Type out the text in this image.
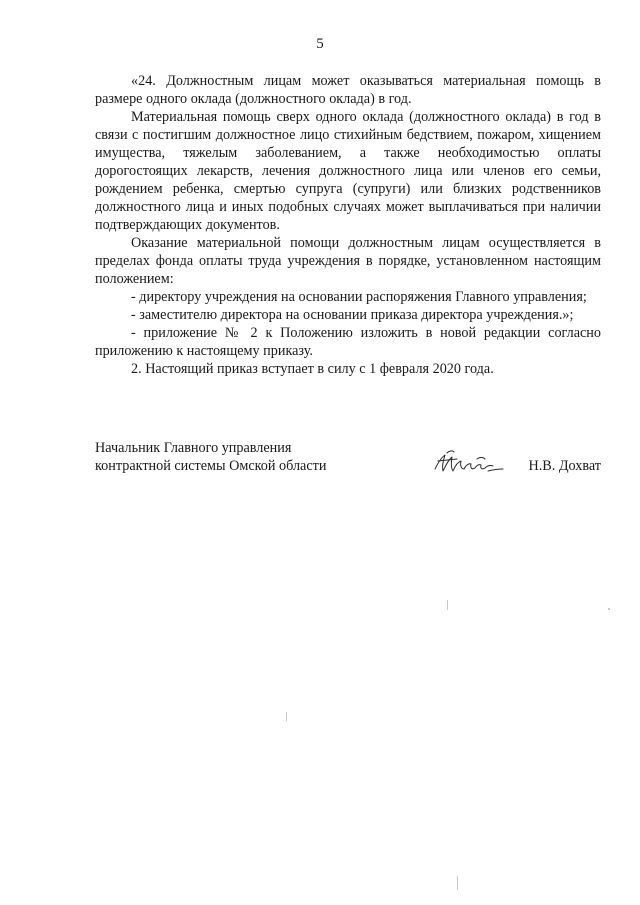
5

«24. Должностным лицам может оказываться материальная помощь в размере одного оклада (должностного оклада) в год.

Материальная помощь сверх одного оклада (должностного оклада) в год в связи с постигшим должностное лицо стихийным бедствием, пожаром, хищением имущества, тяжелым заболеванием, а также необходимостью оплаты дорогостоящих лекарств, лечения должностного лица или членов его семьи, рождением ребенка, смертью супруга (супруги) или близких родственников должностного лица и иных подобных случаях может выплачиваться при наличии подтверждающих документов.

Оказание материальной помощи должностным лицам осуществляется в пределах фонда оплаты труда учреждения в порядке, установленном настоящим положением:

- директору учреждения на основании распоряжения Главного управления;

- заместителю директора на основании приказа директора учреждения.»;

- приложение № 2 к Положению изложить в новой редакции согласно приложению к настоящему приказу.

2. Настоящий приказ вступает в силу с 1 февраля 2020 года.

Начальник Главного управления
контрактной системы Омской области	Н.В. Дохват
